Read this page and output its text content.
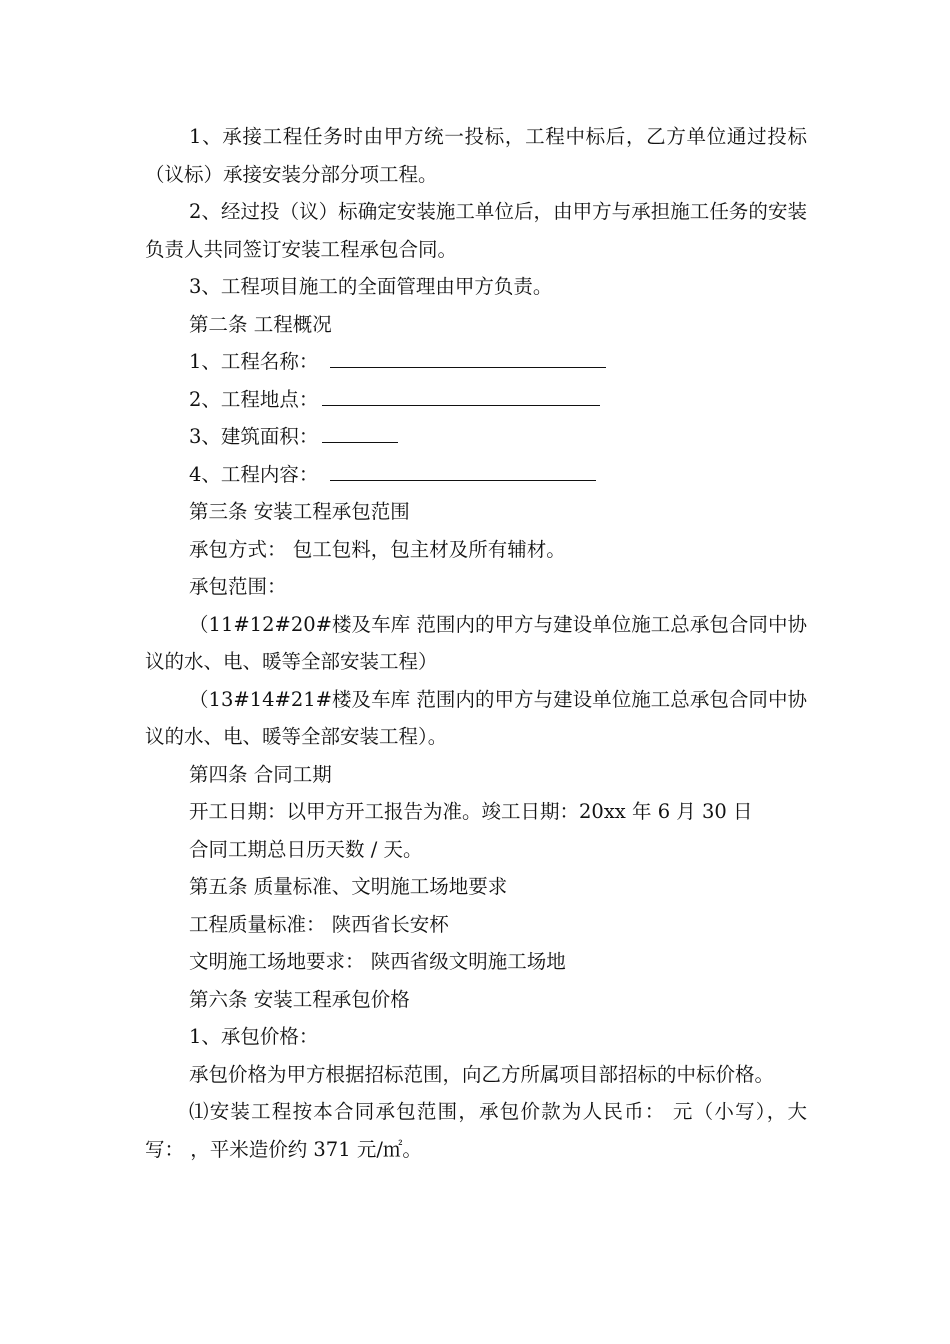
1、承接工程任务时由甲方统一投标，工程中标后，乙方单位通过投标（议标）承接安装分部分项工程。

2、经过投（议）标确定安装施工单位后，由甲方与承担施工任务的安装负责人共同签订安装工程承包合同。

3、工程项目施工的全面管理由甲方负责。

第二条 工程概况

1、工程名称：

2、工程地点：

3、建筑面积：

4、工程内容：

第三条 安装工程承包范围

承包方式： 包工包料，包主材及所有辅材。

承包范围：

（11#12#20#楼及车库 范围内的甲方与建设单位施工总承包合同中协议的水、电、暖等全部安装工程）

（13#14#21#楼及车库 范围内的甲方与建设单位施工总承包合同中协议的水、电、暖等全部安装工程）。

第四条 合同工期

开工日期：以甲方开工报告为准。竣工日期：20xx 年 6 月 30 日

合同工期总日历天数 / 天。

第五条 质量标准、文明施工场地要求

工程质量标准： 陕西省长安杯

文明施工场地要求： 陕西省级文明施工场地

第六条 安装工程承包价格

1、承包价格：

承包价格为甲方根据招标范围，向乙方所属项目部招标的中标价格。

⑴安装工程按本合同承包范围，承包价款为人民币： 元（小写），大写： ，平米造价约 371 元/㎡。
